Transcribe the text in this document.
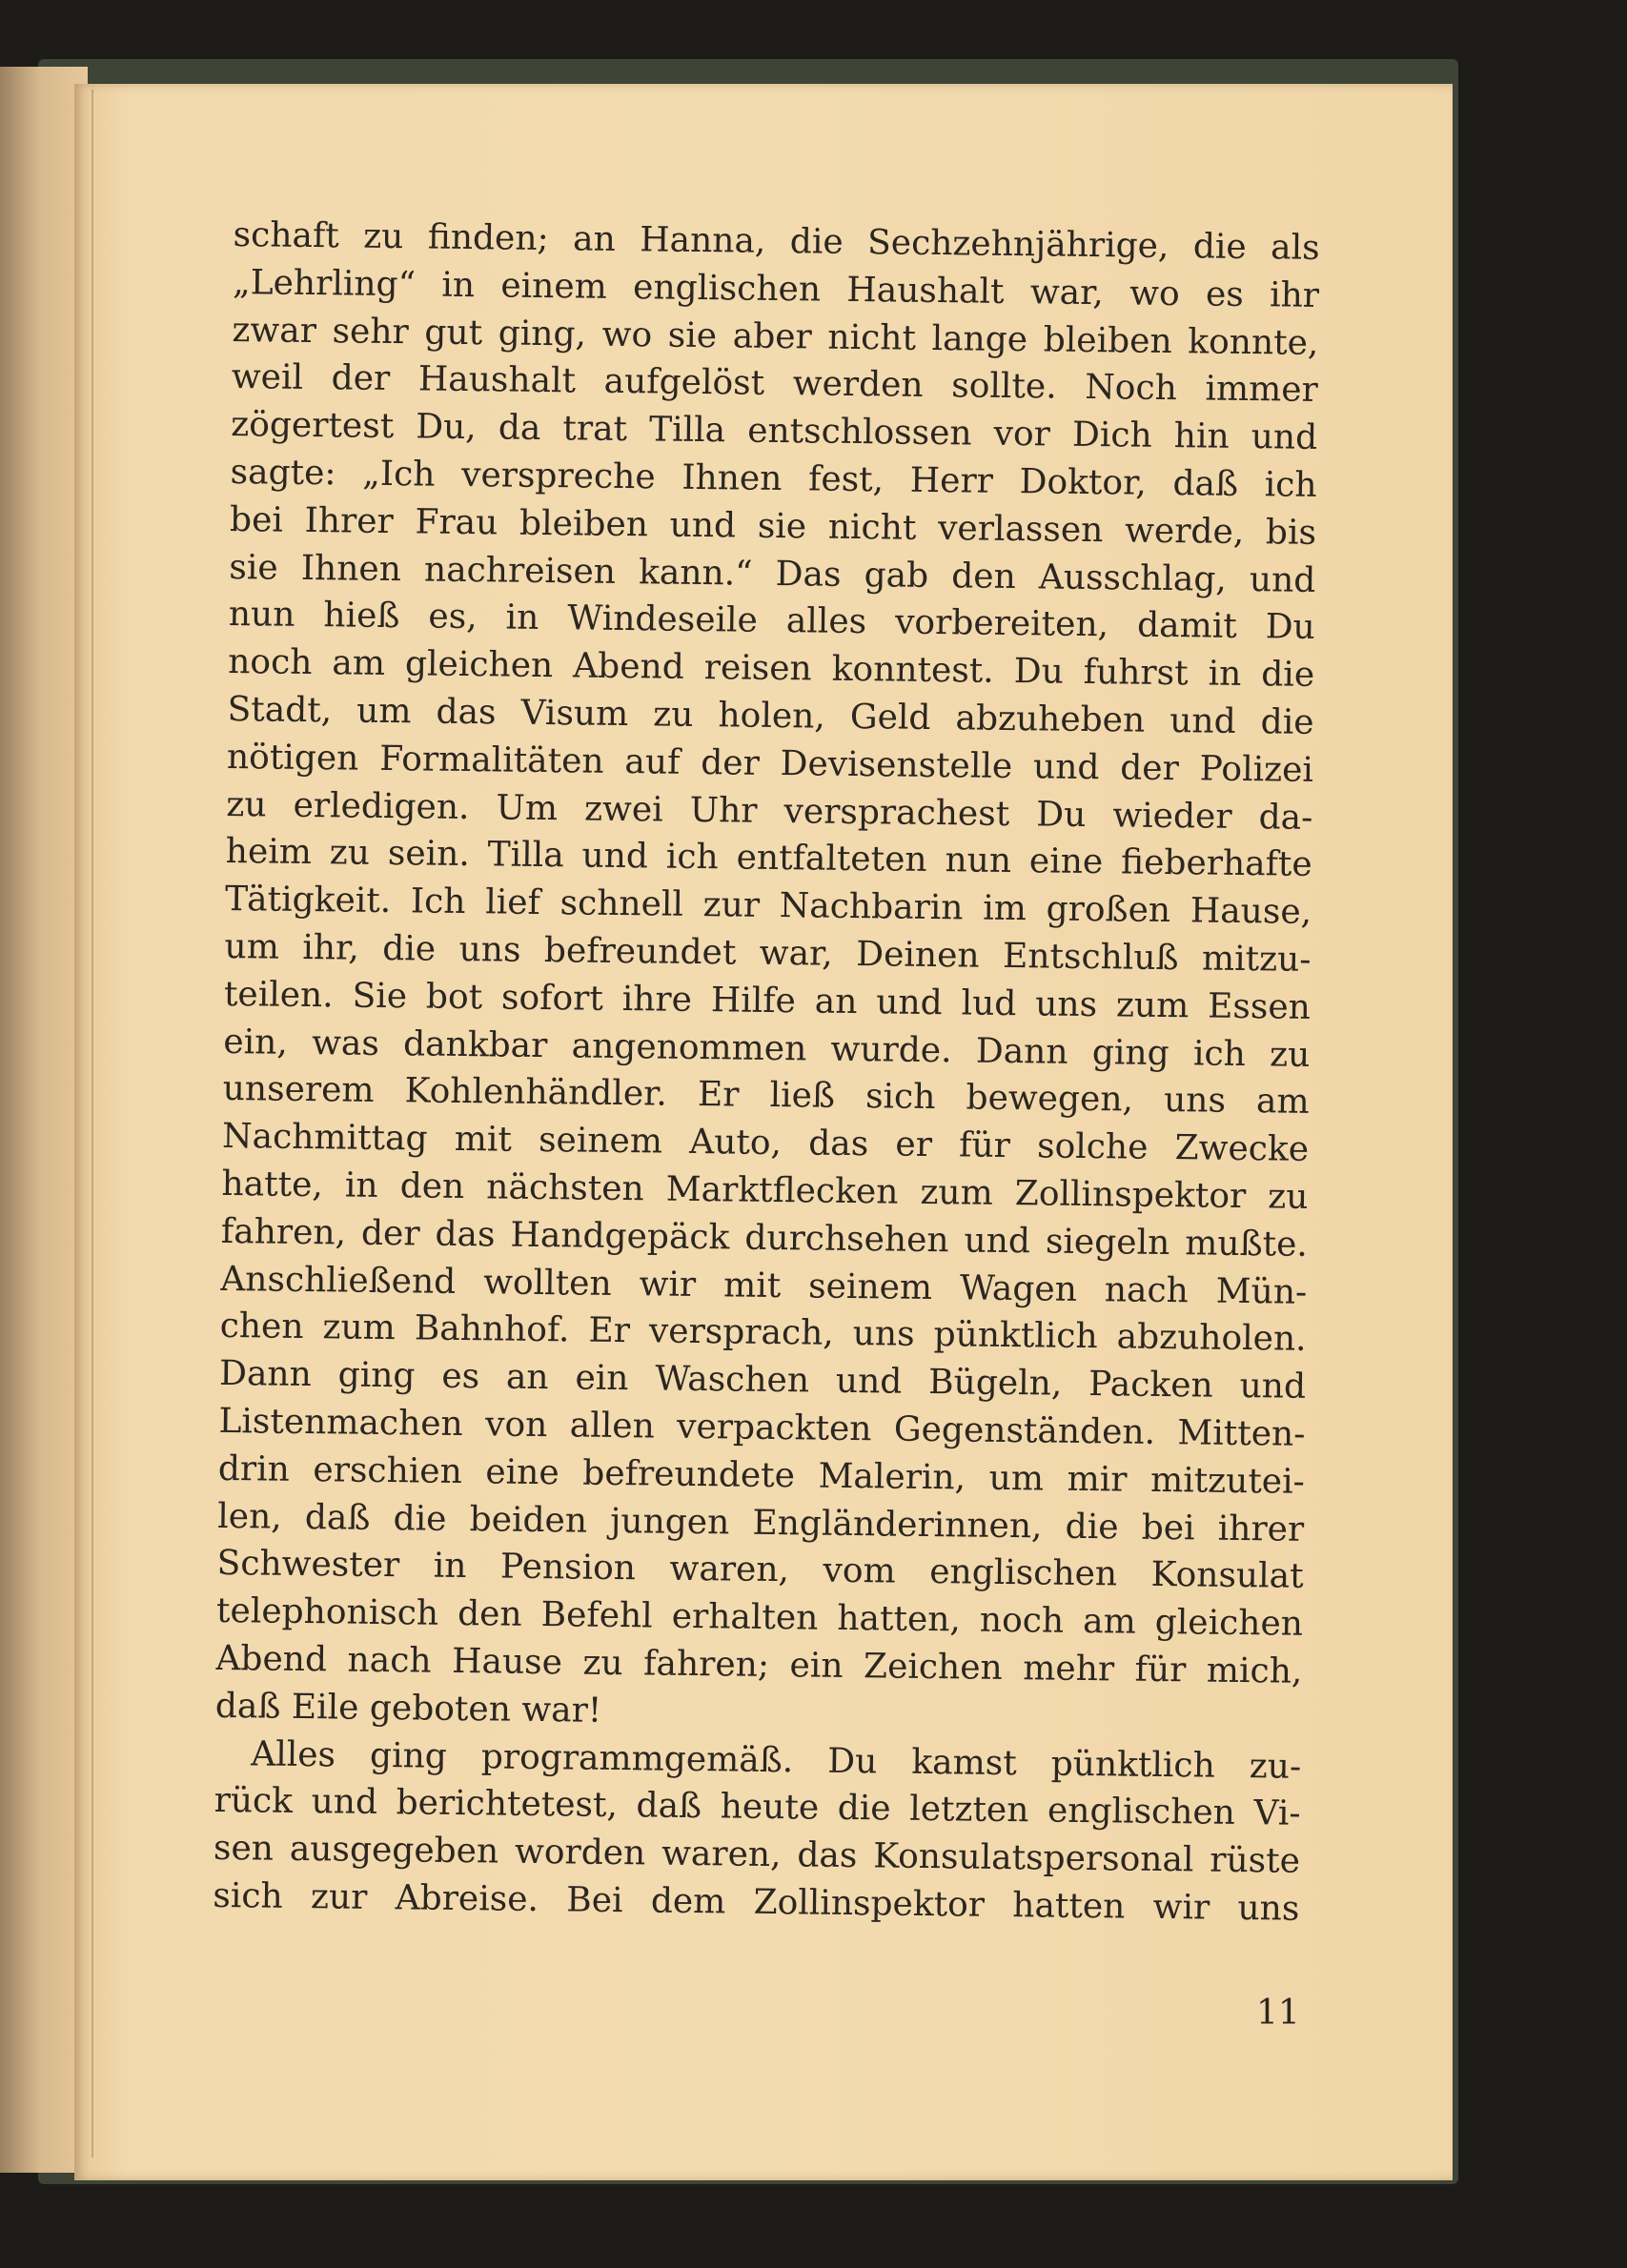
schaft zu finden; an Hanna, die Sechzehnjährige, die als
„Lehrling“ in einem englischen Haushalt war, wo es ihr
zwar sehr gut ging, wo sie aber nicht lange bleiben konnte,
weil der Haushalt aufgelöst werden sollte. Noch immer
zögertest Du, da trat Tilla entschlossen vor Dich hin und
sagte: „Ich verspreche Ihnen fest, Herr Doktor, daß ich
bei Ihrer Frau bleiben und sie nicht verlassen werde, bis
sie Ihnen nachreisen kann.“ Das gab den Ausschlag, und
nun hieß es, in Windeseile alles vorbereiten, damit Du
noch am gleichen Abend reisen konntest. Du fuhrst in die
Stadt, um das Visum zu holen, Geld abzuheben und die
nötigen Formalitäten auf der Devisenstelle und der Polizei
zu erledigen. Um zwei Uhr versprachest Du wieder da-
heim zu sein. Tilla und ich entfalteten nun eine fieberhafte
Tätigkeit. Ich lief schnell zur Nachbarin im großen Hause,
um ihr, die uns befreundet war, Deinen Entschluß mitzu-
teilen. Sie bot sofort ihre Hilfe an und lud uns zum Essen
ein, was dankbar angenommen wurde. Dann ging ich zu
unserem Kohlenhändler. Er ließ sich bewegen, uns am
Nachmittag mit seinem Auto, das er für solche Zwecke
hatte, in den nächsten Marktflecken zum Zollinspektor zu
fahren, der das Handgepäck durchsehen und siegeln mußte.
Anschließend wollten wir mit seinem Wagen nach Mün-
chen zum Bahnhof. Er versprach, uns pünktlich abzuholen.
Dann ging es an ein Waschen und Bügeln, Packen und
Listenmachen von allen verpackten Gegenständen. Mitten-
drin erschien eine befreundete Malerin, um mir mitzutei-
len, daß die beiden jungen Engländerinnen, die bei ihrer
Schwester in Pension waren, vom englischen Konsulat
telephonisch den Befehl erhalten hatten, noch am gleichen
Abend nach Hause zu fahren; ein Zeichen mehr für mich,
daß Eile geboten war!
Alles ging programmgemäß. Du kamst pünktlich zu-
rück und berichtetest, daß heute die letzten englischen Vi-
sen ausgegeben worden waren, das Konsulatspersonal rüste
sich zur Abreise. Bei dem Zollinspektor hatten wir uns
11
